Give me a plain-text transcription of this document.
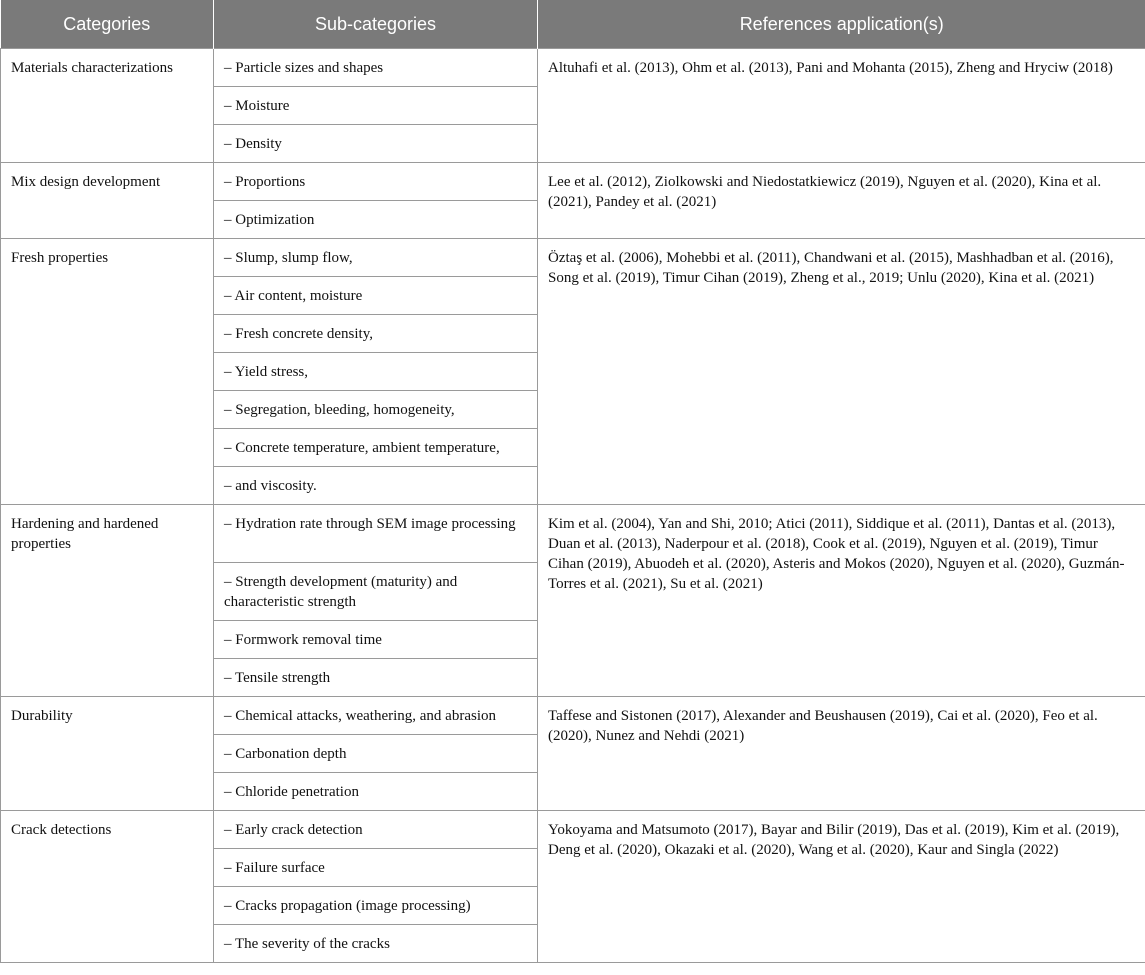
Categories	Sub-categories	References application(s)
Materials characterizations	– Particle sizes and shapes	Altuhafi et al. (2013), Ohm et al. (2013), Pani and Mohanta (2015), Zheng and Hryciw (2018)
	– Moisture	
	– Density	
Mix design development	– Proportions	Lee et al. (2012), Ziolkowski and Niedostatkiewicz (2019), Nguyen et al. (2020), Kina et al. (2021), Pandey et al. (2021)
	– Optimization	
Fresh properties	– Slump, slump flow,	Öztaş et al. (2006), Mohebbi et al. (2011), Chandwani et al. (2015), Mashhadban et al. (2016), Song et al. (2019), Timur Cihan (2019), Zheng et al., 2019; Unlu (2020), Kina et al. (2021)
	– Air content, moisture	
	– Fresh concrete density,	
	– Yield stress,	
	– Segregation, bleeding, homogeneity,	
	– Concrete temperature, ambient temperature,	
	– and viscosity.	
Hardening and hardened properties	– Hydration rate through SEM image processing	Kim et al. (2004), Yan and Shi, 2010; Atici (2011), Siddique et al. (2011), Dantas et al. (2013), Duan et al. (2013), Naderpour et al. (2018), Cook et al. (2019), Nguyen et al. (2019), Timur Cihan (2019), Abuodeh et al. (2020), Asteris and Mokos (2020), Nguyen et al. (2020), Guzmán-Torres et al. (2021), Su et al. (2021)
	– Strength development (maturity) and characteristic strength	
	– Formwork removal time	
	– Tensile strength	
Durability	– Chemical attacks, weathering, and abrasion	Taffese and Sistonen (2017), Alexander and Beushausen (2019), Cai et al. (2020), Feo et al. (2020), Nunez and Nehdi (2021)
	– Carbonation depth	
	– Chloride penetration	
Crack detections	– Early crack detection	Yokoyama and Matsumoto (2017), Bayar and Bilir (2019), Das et al. (2019), Kim et al. (2019), Deng et al. (2020), Okazaki et al. (2020), Wang et al. (2020), Kaur and Singla (2022)
	– Failure surface	
	– Cracks propagation (image processing)	
	– The severity of the cracks	
